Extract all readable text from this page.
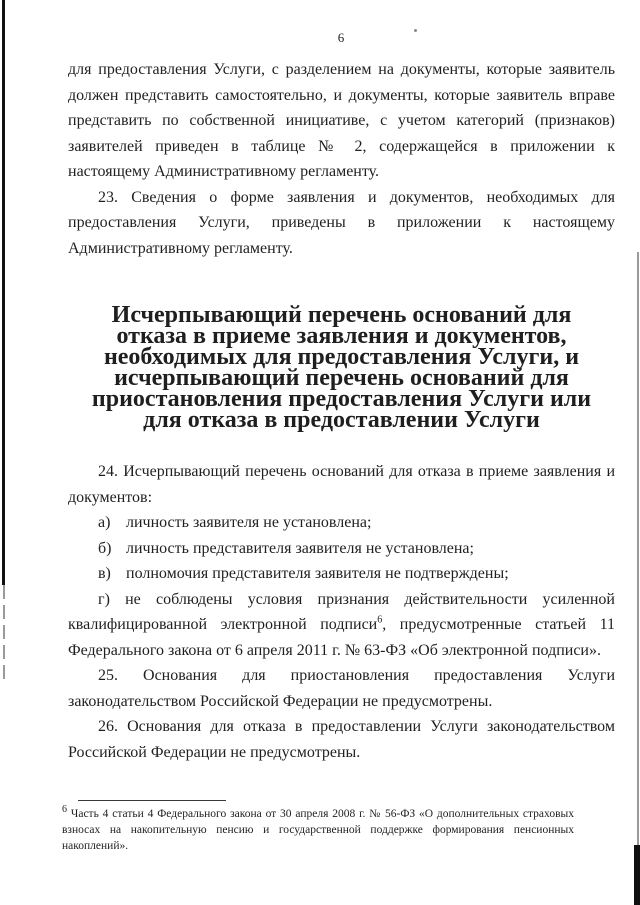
6

для предоставления Услуги, с разделением на документы, которые заявитель должен представить самостоятельно, и документы, которые заявитель вправе представить по собственной инициативе, с учетом категорий (признаков) заявителей приведен в таблице № 2, содержащейся в приложении к настоящему Административному регламенту.

23. Сведения о форме заявления и документов, необходимых для предоставления Услуги, приведены в приложении к настоящему Административному регламенту.

Исчерпывающий перечень оснований для отказа в приеме заявления и документов, необходимых для предоставления Услуги, и исчерпывающий перечень оснований для приостановления предоставления Услуги или для отказа в предоставлении Услуги

24. Исчерпывающий перечень оснований для отказа в приеме заявления и документов:

а) личность заявителя не установлена;

б) личность представителя заявителя не установлена;

в) полномочия представителя заявителя не подтверждены;

г) не соблюдены условия признания действительности усиленной квалифицированной электронной подписи$^6$, предусмотренные статьей 11 Федерального закона от 6 апреля 2011 г. № 63-ФЗ «Об электронной подписи».

25. Основания для приостановления предоставления Услуги законодательством Российской Федерации не предусмотрены.

26. Основания для отказа в предоставлении Услуги законодательством Российской Федерации не предусмотрены.

$^6$ Часть 4 статьи 4 Федерального закона от 30 апреля 2008 г. № 56-ФЗ «О дополнительных страховых взносах на накопительную пенсию и государственной поддержке формирования пенсионных накоплений».
